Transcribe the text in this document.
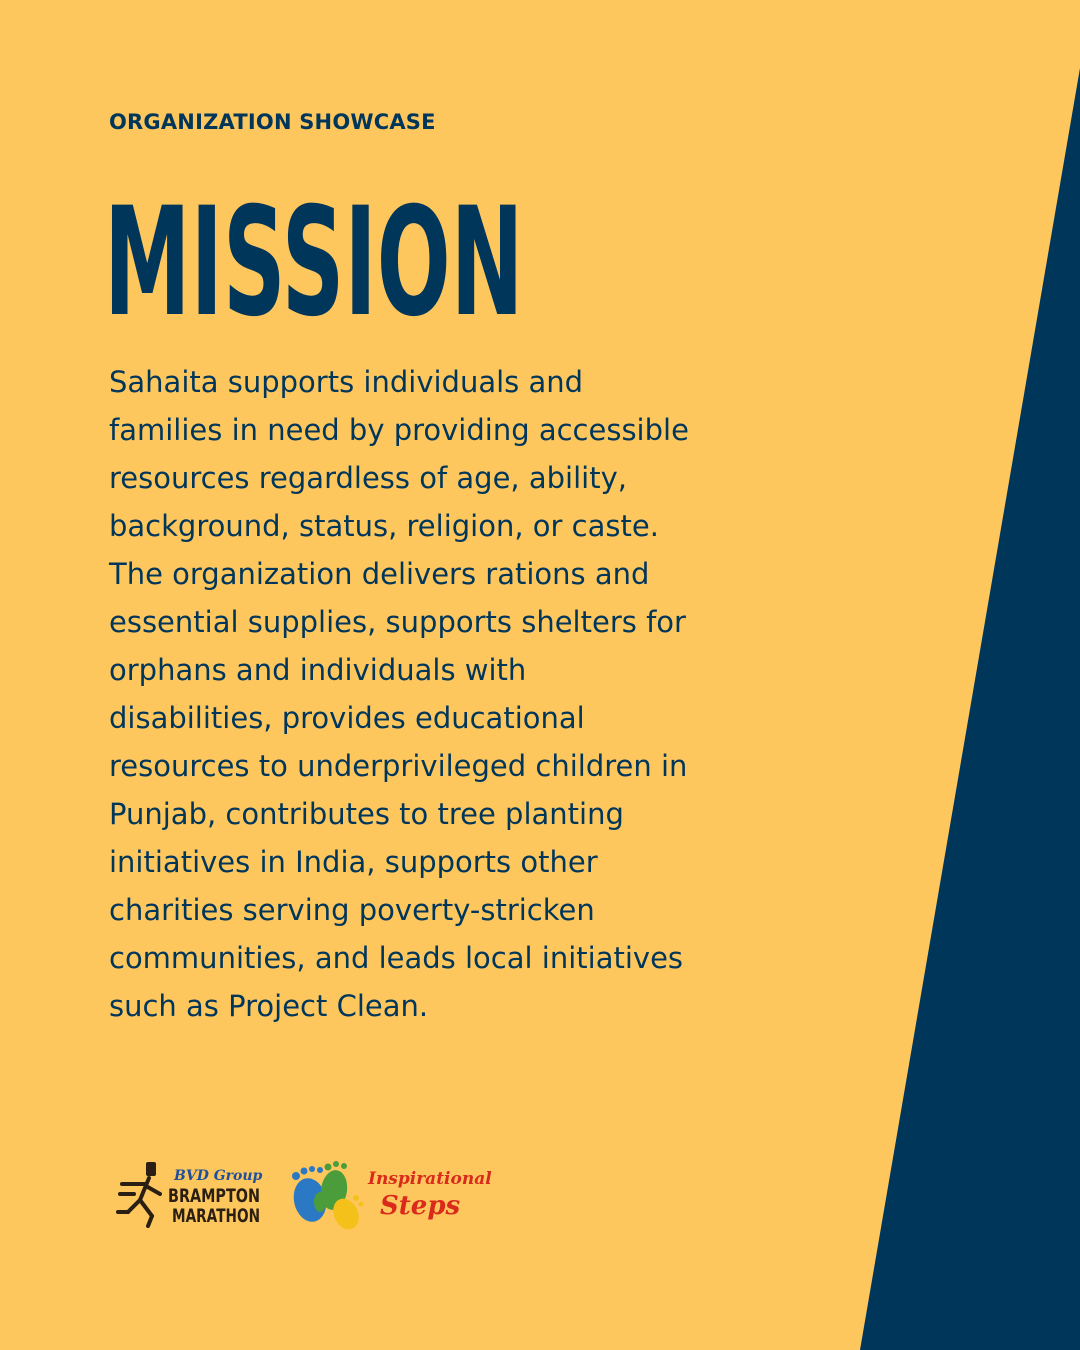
ORGANIZATION SHOWCASE
MISSION
Sahaita supports individuals and
families in need by providing accessible
resources regardless of age, ability,
background, status, religion, or caste.
The organization delivers rations and
essential supplies, supports shelters for
orphans and individuals with
disabilities, provides educational
resources to underprivileged children in
Punjab, contributes to tree planting
initiatives in India, supports other
charities serving poverty-stricken
communities, and leads local initiatives
such as Project Clean.
BVD Group
BRAMPTON
MARATHON
Inspirational
Steps
